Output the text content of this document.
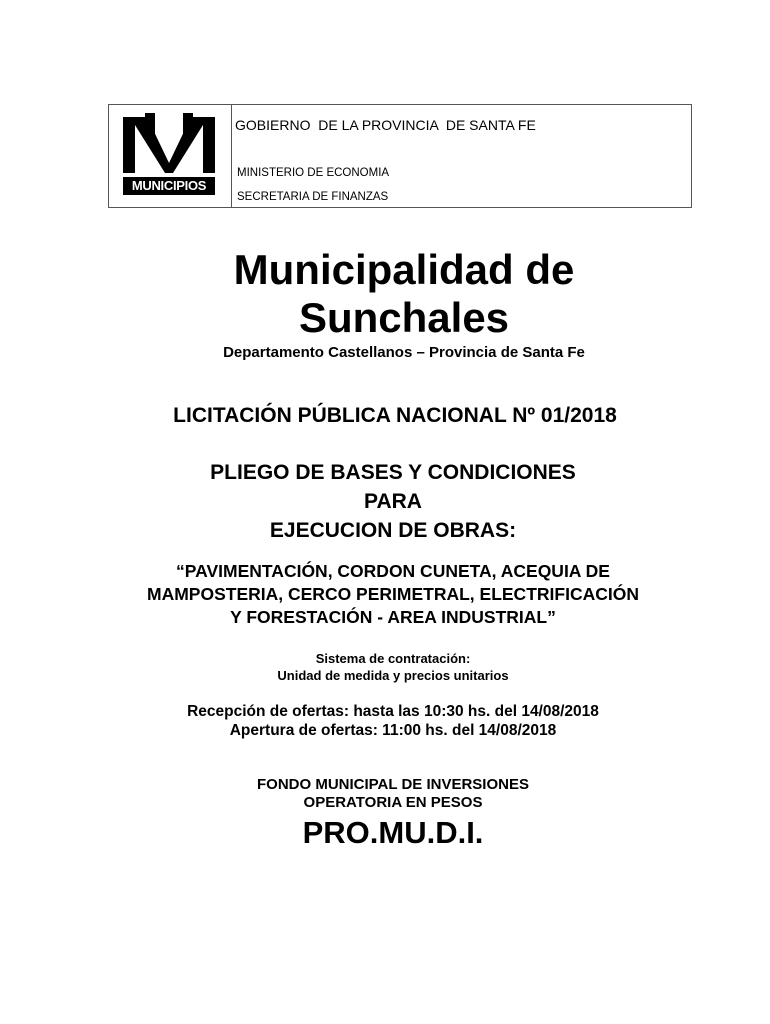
MUNICIPIOS
GOBIERNO  DE LA PROVINCIA  DE SANTA FE
MINISTERIO DE ECONOMIA
SECRETARIA DE FINANZAS
Municipalidad de
Sunchales
Departamento Castellanos – Provincia de Santa Fe
LICITACIÓN PÚBLICA NACIONAL Nº 01/2018
PLIEGO DE BASES Y CONDICIONES
PARA
EJECUCION DE OBRAS:
“PAVIMENTACIÓN, CORDON CUNETA, ACEQUIA DE
MAMPOSTERIA, CERCO PERIMETRAL, ELECTRIFICACIÓN
Y FORESTACIÓN - AREA INDUSTRIAL”
Sistema de contratación:
Unidad de medida y precios unitarios
Recepción de ofertas: hasta las 10:30 hs. del 14/08/2018
Apertura de ofertas: 11:00 hs. del 14/08/2018
FONDO MUNICIPAL DE INVERSIONES
OPERATORIA EN PESOS
PRO.MU.D.I.
